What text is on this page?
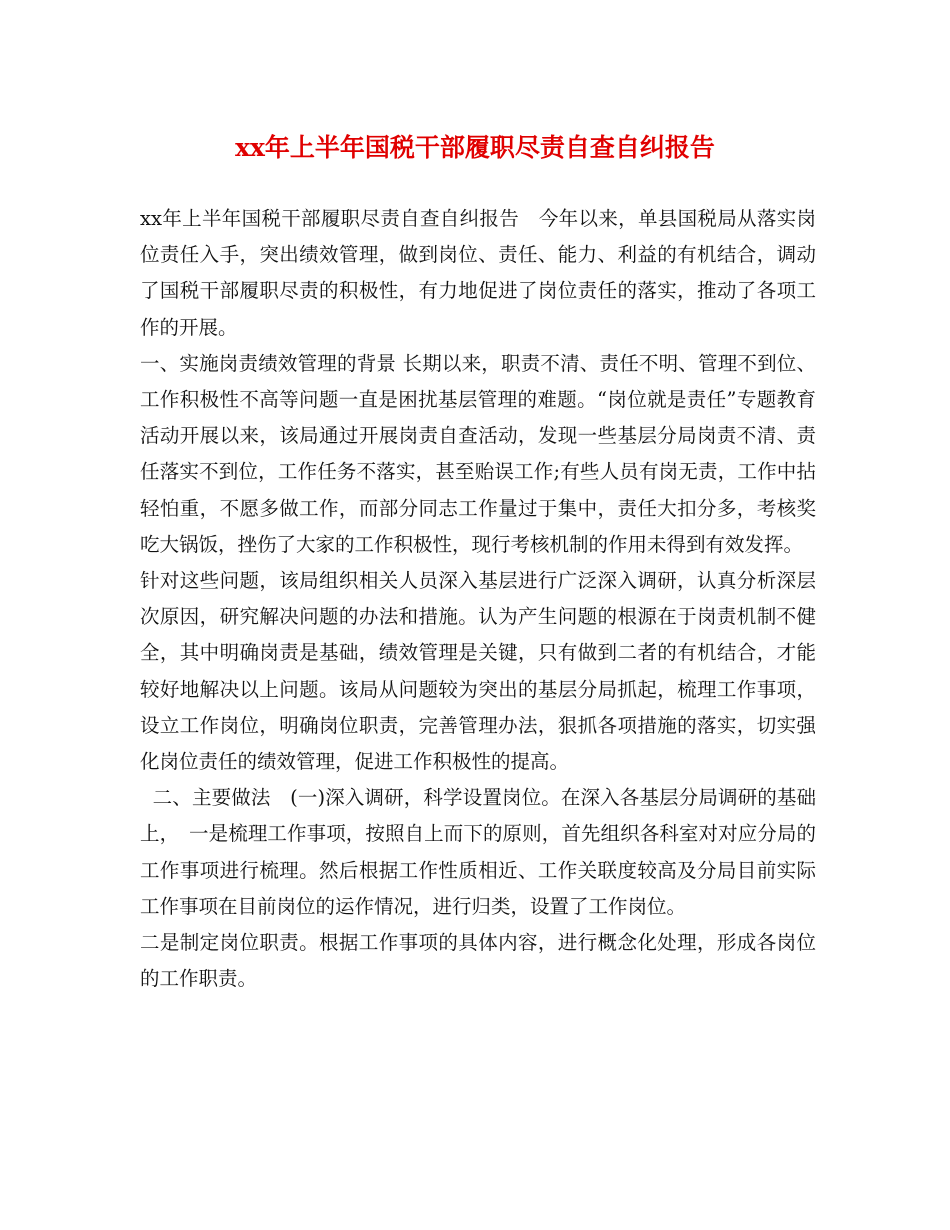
xx年上半年国税干部履职尽责自查自纠报告

xx年上半年国税干部履职尽责自查自纠报告　今年以来，单县国税局从落实岗位责任入手，突出绩效管理，做到岗位、责任、能力、利益的有机结合，调动了国税干部履职尽责的积极性，有力地促进了岗位责任的落实，推动了各项工作的开展。

一、实施岗责绩效管理的背景 长期以来，职责不清、责任不明、管理不到位、工作积极性不高等问题一直是困扰基层管理的难题。“岗位就是责任”专题教育活动开展以来，该局通过开展岗责自查活动，发现一些基层分局岗责不清、责任落实不到位，工作任务不落实，甚至贻误工作;有些人员有岗无责，工作中拈轻怕重，不愿多做工作，而部分同志工作量过于集中，责任大扣分多，考核奖吃大锅饭，挫伤了大家的工作积极性，现行考核机制的作用未得到有效发挥。

针对这些问题，该局组织相关人员深入基层进行广泛深入调研，认真分析深层次原因，研究解决问题的办法和措施。认为产生问题的根源在于岗责机制不健全，其中明确岗责是基础，绩效管理是关键，只有做到二者的有机结合，才能较好地解决以上问题。该局从问题较为突出的基层分局抓起，梳理工作事项，设立工作岗位，明确岗位职责，完善管理办法，狠抓各项措施的落实，切实强化岗位责任的绩效管理，促进工作积极性的提高。

二、主要做法　(一)深入调研，科学设置岗位。在深入各基层分局调研的基础上，　一是梳理工作事项，按照自上而下的原则，首先组织各科室对对应分局的工作事项进行梳理。然后根据工作性质相近、工作关联度较高及分局目前实际工作事项在目前岗位的运作情况，进行归类，设置了工作岗位。

二是制定岗位职责。根据工作事项的具体内容，进行概念化处理，形成各岗位的工作职责。
